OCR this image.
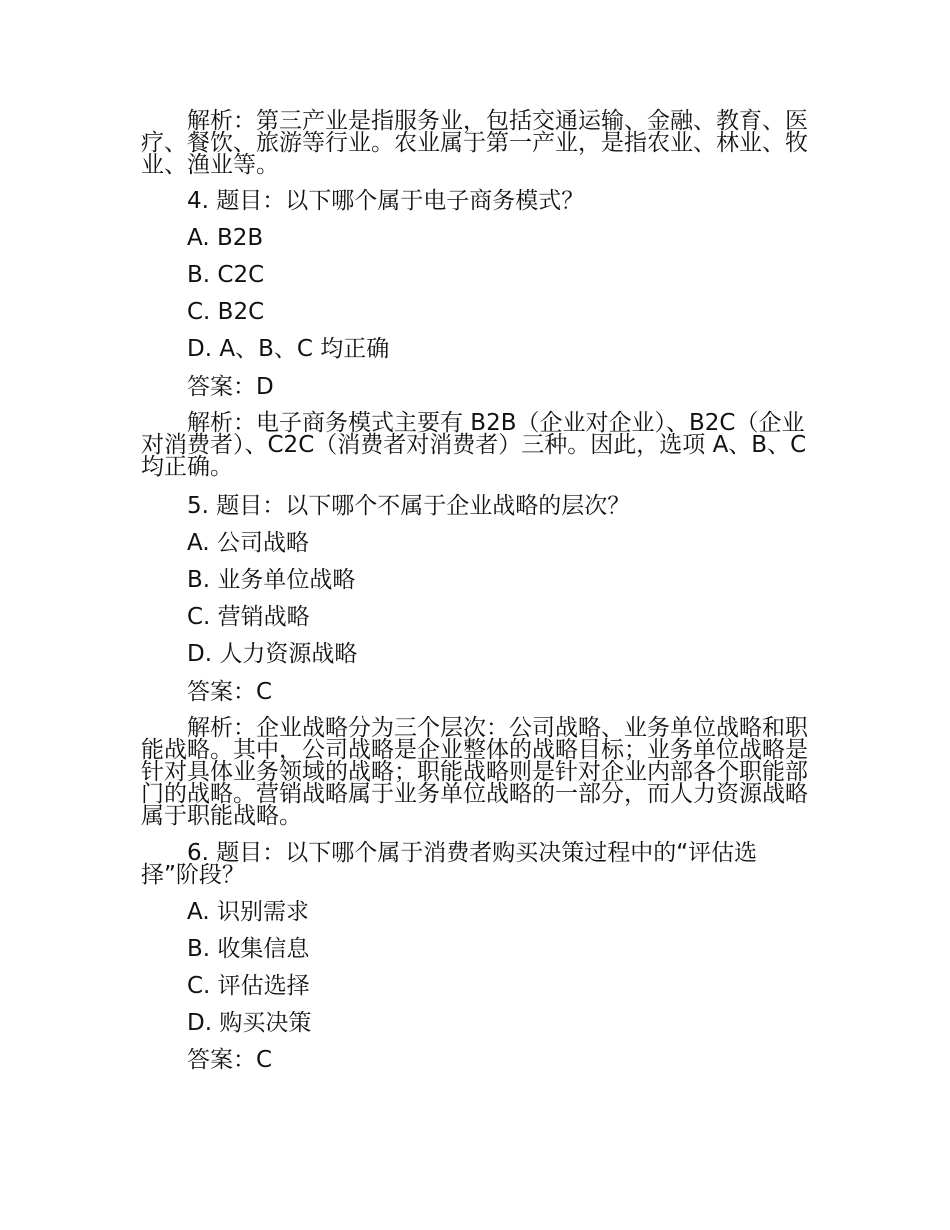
解析：第三产业是指服务业，包括交通运输、金融、教育、医疗、餐饮、旅游等行业。农业属于第一产业，是指农业、林业、牧业、渔业等。
4. 题目：以下哪个属于电子商务模式？
A. B2B
B. C2C
C. B2C
D. A、B、C 均正确
答案：D
解析：电子商务模式主要有 B2B（企业对企业）、B2C（企业对消费者）、C2C（消费者对消费者）三种。因此，选项 A、B、C 均正确。
5. 题目：以下哪个不属于企业战略的层次？
A. 公司战略
B. 业务单位战略
C. 营销战略
D. 人力资源战略
答案：C
解析：企业战略分为三个层次：公司战略、业务单位战略和职能战略。其中，公司战略是企业整体的战略目标；业务单位战略是针对具体业务领域的战略；职能战略则是针对企业内部各个职能部门的战略。营销战略属于业务单位战略的一部分，而人力资源战略属于职能战略。
6. 题目：以下哪个属于消费者购买决策过程中的“评估选择”阶段？
A. 识别需求
B. 收集信息
C. 评估选择
D. 购买决策
答案：C
